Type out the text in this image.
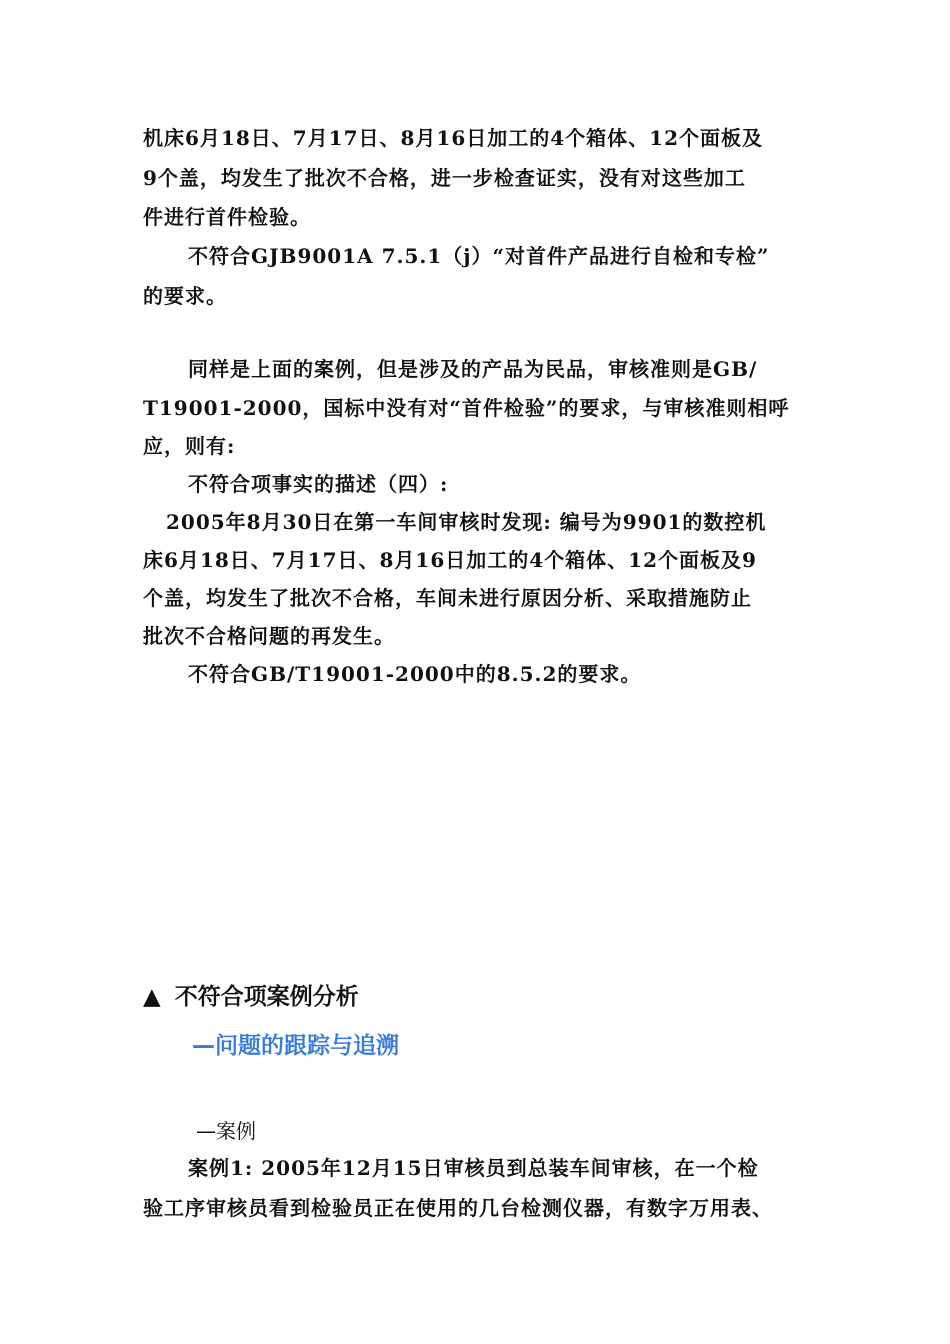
机床6月18日、7月17日、8月16日加工的4个箱体、12个面板及
9个盖，均发生了批次不合格，进一步检查证实，没有对这些加工
件进行首件检验。
不符合GJB9001A 7.5.1（j）“对首件产品进行自检和专检”
的要求。
同样是上面的案例，但是涉及的产品为民品，审核准则是GB/
T19001-2000，国标中没有对“首件检验”的要求，与审核准则相呼
应，则有:
不符合项事实的描述（四）:
2005年8月30日在第一车间审核时发现: 编号为9901的数控机
床6月18日、7月17日、8月16日加工的4个箱体、12个面板及9
个盖，均发生了批次不合格，车间未进行原因分析、采取措施防止
批次不合格问题的再发生。
不符合GB/T19001-2000中的8.5.2的要求。
▲ 不符合项案例分析
—问题的跟踪与追溯
—案例
案例1: 2005年12月15日审核员到总装车间审核，在一个检
验工序审核员看到检验员正在使用的几台检测仪器，有数字万用表、
